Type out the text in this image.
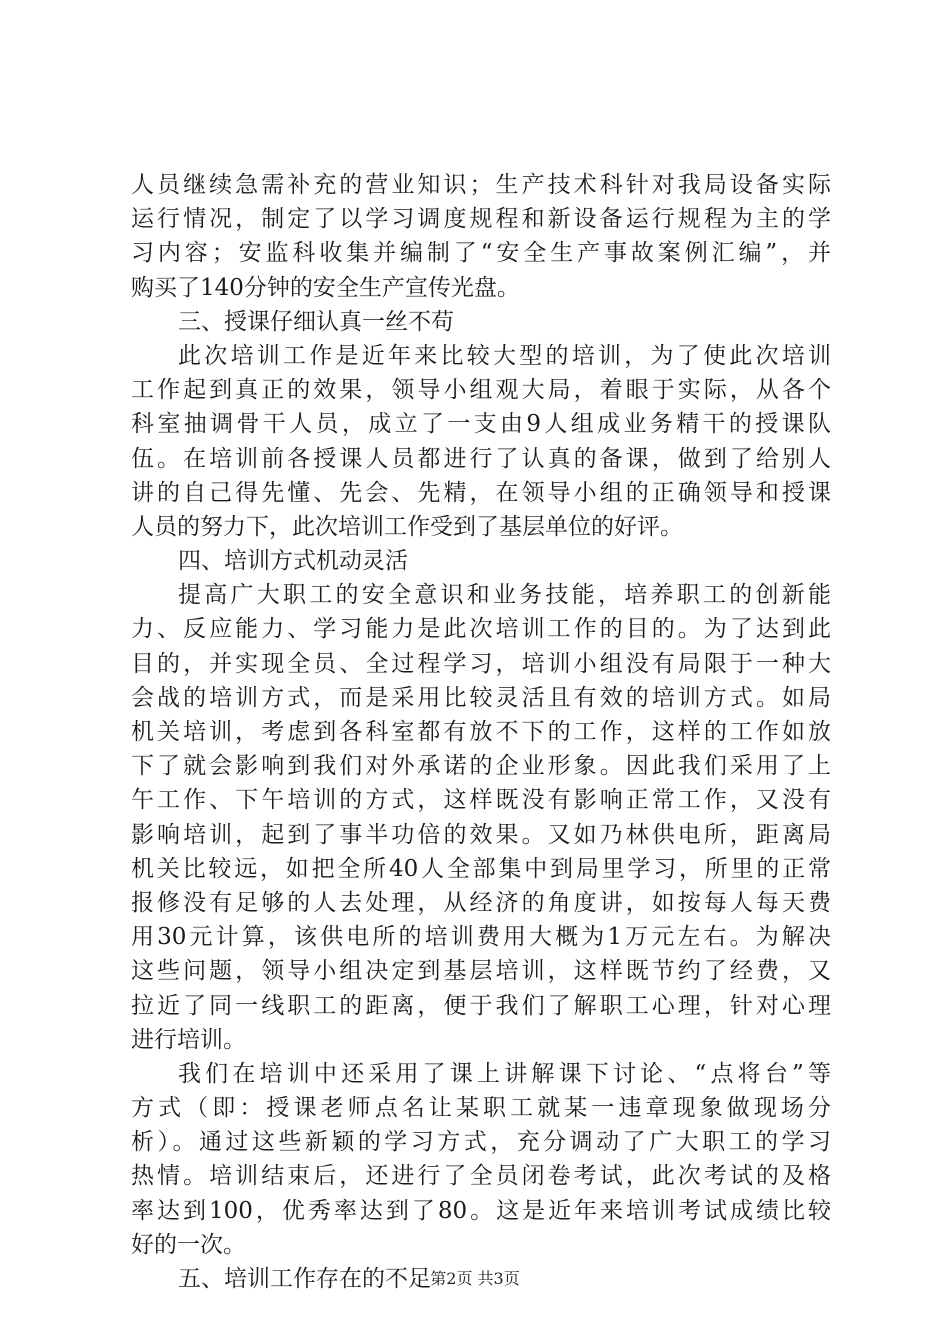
人员继续急需补充的营业知识；生产技术科针对我局设备实际
运行情况，制定了以学习调度规程和新设备运行规程为主的学
习内容；安监科收集并编制了“安全生产事故案例汇编”，并
购买了140分钟的安全生产宣传光盘。
三、授课仔细认真一丝不苟
此次培训工作是近年来比较大型的培训，为了使此次培训
工作起到真正的效果，领导小组观大局，着眼于实际，从各个
科室抽调骨干人员，成立了一支由9人组成业务精干的授课队
伍。在培训前各授课人员都进行了认真的备课，做到了给别人
讲的自己得先懂、先会、先精，在领导小组的正确领导和授课
人员的努力下，此次培训工作受到了基层单位的好评。
四、培训方式机动灵活
提高广大职工的安全意识和业务技能，培养职工的创新能
力、反应能力、学习能力是此次培训工作的目的。为了达到此
目的，并实现全员、全过程学习，培训小组没有局限于一种大
会战的培训方式，而是采用比较灵活且有效的培训方式。如局
机关培训，考虑到各科室都有放不下的工作，这样的工作如放
下了就会影响到我们对外承诺的企业形象。因此我们采用了上
午工作、下午培训的方式，这样既没有影响正常工作，又没有
影响培训，起到了事半功倍的效果。又如乃林供电所，距离局
机关比较远，如把全所40人全部集中到局里学习，所里的正常
报修没有足够的人去处理，从经济的角度讲，如按每人每天费
用30元计算，该供电所的培训费用大概为1万元左右。为解决
这些问题，领导小组决定到基层培训，这样既节约了经费，又
拉近了同一线职工的距离，便于我们了解职工心理，针对心理
进行培训。
我们在培训中还采用了课上讲解课下讨论、“点将台”等
方式（即：授课老师点名让某职工就某一违章现象做现场分
析）。通过这些新颖的学习方式，充分调动了广大职工的学习
热情。培训结束后，还进行了全员闭卷考试，此次考试的及格
率达到100，优秀率达到了80。这是近年来培训考试成绩比较
好的一次。
五、培训工作存在的不足 第2页 共3页
